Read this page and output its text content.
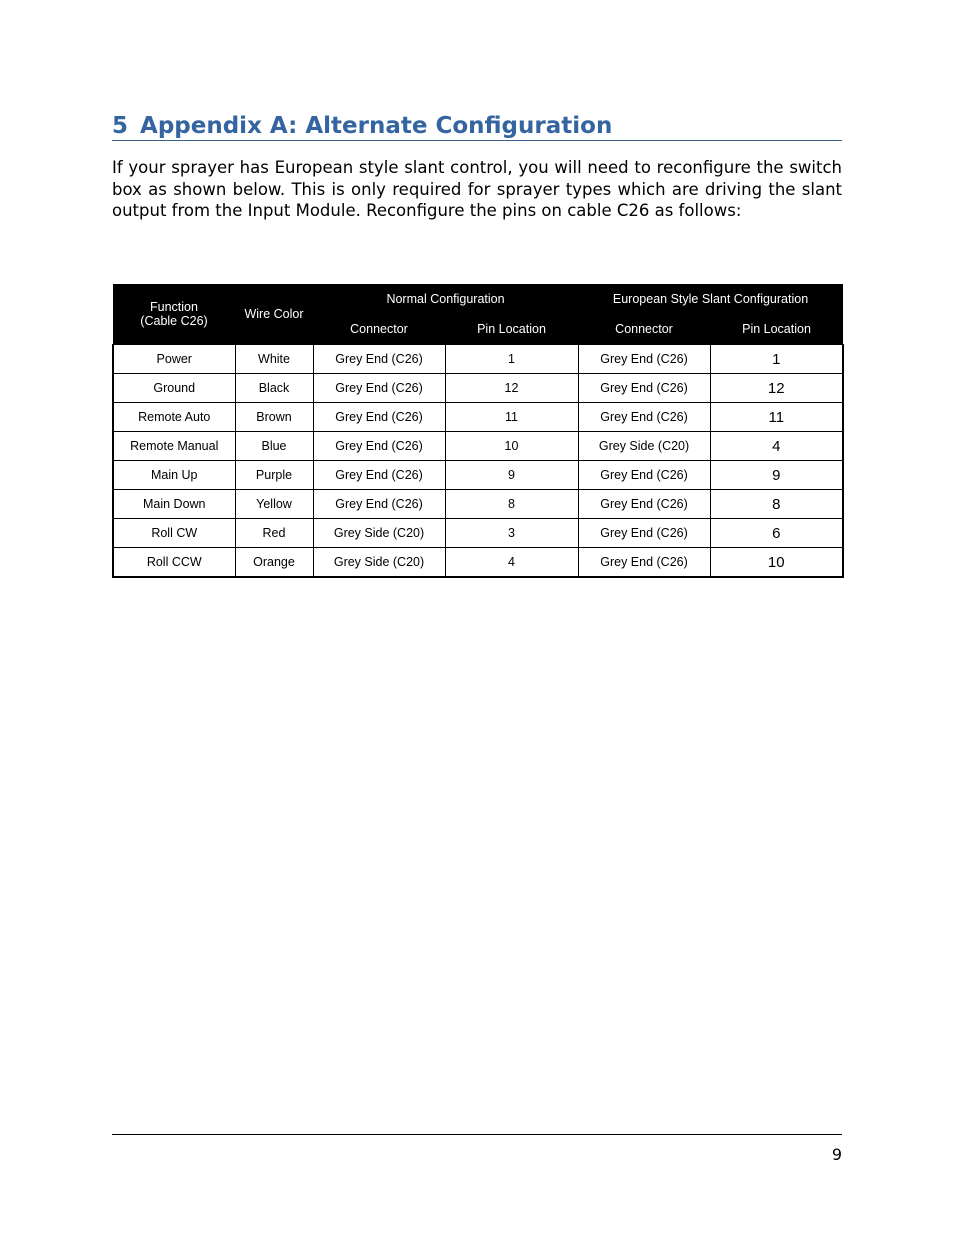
5 Appendix A: Alternate Configuration

If your sprayer has European style slant control, you will need to reconfigure the switch box as shown below. This is only required for sprayer types which are driving the slant output from the Input Module. Reconfigure the pins on cable C26 as follows:

Function
(Cable C26)	Wire Color	Normal Configuration		European Style Slant Configuration	
		Connector	Pin Location	Connector	Pin Location
Power	White	Grey End (C26)	1	Grey End (C26)	1
Ground	Black	Grey End (C26)	12	Grey End (C26)	12
Remote Auto	Brown	Grey End (C26)	11	Grey End (C26)	11
Remote Manual	Blue	Grey End (C26)	10	Grey Side (C20)	4
Main Up	Purple	Grey End (C26)	9	Grey End (C26)	9
Main Down	Yellow	Grey End (C26)	8	Grey End (C26)	8
Roll CW	Red	Grey Side (C20)	3	Grey End (C26)	6
Roll CCW	Orange	Grey Side (C20)	4	Grey End (C26)	10
9
